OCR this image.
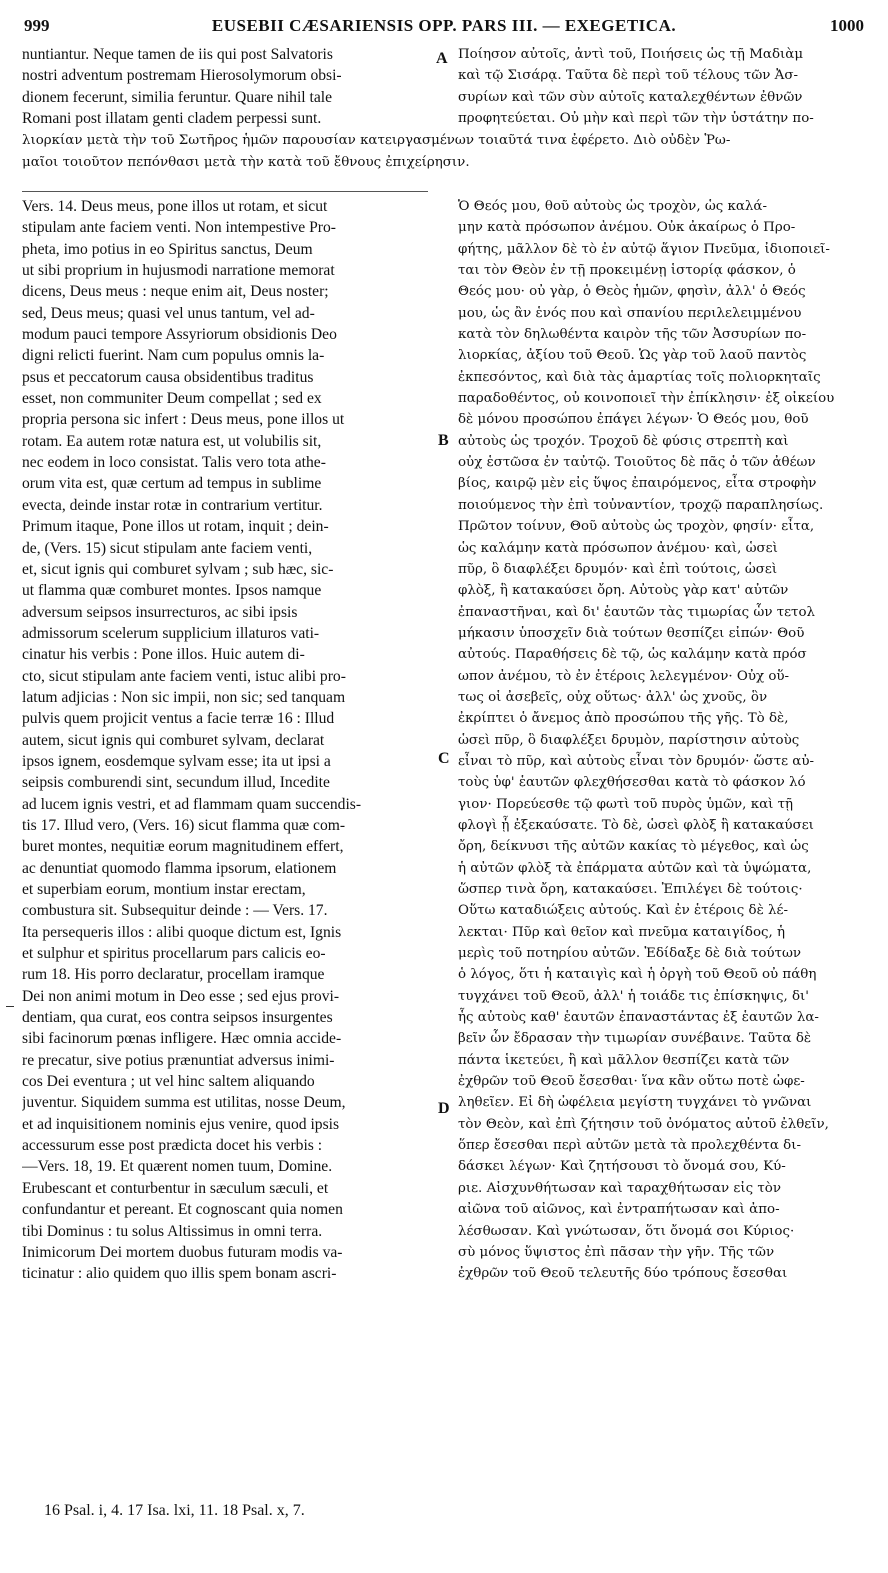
999	EUSEBII CÆSARIENSIS OPP. PARS III. — EXEGETICA.	1000
nuntiantur. Neque tamen de iis qui post Salvatoris
nostri adventum postremam Hierosolymorum obsi-
dionem fecerunt, similia feruntur. Quare nihil tale
Romani post illatam genti cladem perpessi sunt.
Ποίησον αὐτοῖς, ἀντὶ τοῦ, Ποιήσεις ὡς τῇ Μαδιὰμ
καὶ τῷ Σισάρᾳ. Ταῦτα δὲ περὶ τοῦ τέλους τῶν Ἀσ-
συρίων καὶ τῶν σὺν αὐτοῖς καταλεχθέντων ἐθνῶν
προφητεύεται. Οὐ μὴν καὶ περὶ τῶν τὴν ὑστάτην πο-
λιορκίαν μετὰ τὴν τοῦ Σωτῆρος ἡμῶν παρουσίαν κατειργασμένων τοιαῦτά τινα ἐφέρετο. Διὸ οὐδὲν Ῥω-
μαῖοι τοιοῦτον πεπόνθασι μετὰ τὴν κατὰ τοῦ ἔθνους ἐπιχείρησιν.
Vers. 14. Deus meus, pone illos ut rotam, et sicut
stipulam ante faciem venti. Non intempestive Pro-
pheta, imo potius in eo Spiritus sanctus, Deum
ut sibi proprium in hujusmodi narratione memorat
dicens, Deus meus : neque enim ait, Deus noster;
sed, Deus meus; quasi vel unus tantum, vel ad-
modum pauci tempore Assyriorum obsidionis Deo
digni relicti fuerint. Nam cum populus omnis la-
psus et peccatorum causa obsidentibus traditus
esset, non communiter Deum compellat ; sed ex
propria persona sic infert : Deus meus, pone illos ut
rotam. Ea autem rotæ natura est, ut volubilis sit,
nec eodem in loco consistat. Talis vero tota athe-
orum vita est, quæ certum ad tempus in sublime
evecta, deinde instar rotæ in contrarium vertitur.
Primum itaque, Pone illos ut rotam, inquit ; dein-
de, (Vers. 15) sicut stipulam ante faciem venti,
et, sicut ignis qui comburet sylvam ; sub hæc, sic-
ut flamma quæ comburet montes. Ipsos namque
adversum seipsos insurrecturos, ac sibi ipsis
admissorum scelerum supplicium illaturos vati-
cinatur his verbis : Pone illos. Huic autem di-
cto, sicut stipulam ante faciem venti, istuc alibi pro-
latum adjicias : Non sic impii, non sic; sed tanquam
pulvis quem projicit ventus a facie terræ 16 : Illud
autem, sicut ignis qui comburet sylvam, declarat
ipsos ignem, eosdemque sylvam esse; ita ut ipsi a
seipsis comburendi sint, secundum illud, Incedite
ad lucem ignis vestri, et ad flammam quam succendis-
tis 17. Illud vero, (Vers. 16) sicut flamma quæ com-
buret montes, nequitiæ eorum magnitudinem effert,
ac denuntiat quomodo flamma ipsorum, elationem
et superbiam eorum, montium instar erectam,
combustura sit. Subsequitur deinde : — Vers. 17.
Ita persequeris illos : alibi quoque dictum est, Ignis
et sulphur et spiritus procellarum pars calicis eo-
rum 18. His porro declaratur, procellam iramque
Dei non animi motum in Deo esse ; sed ejus provi-
dentiam, qua curat, eos contra seipsos insurgentes
sibi facinorum pœnas infligere. Hæc omnia accide-
re precatur, sive potius prænuntiat adversus inimi-
cos Dei eventura ; ut vel hinc saltem aliquando
juventur. Siquidem summa est utilitas, nosse Deum,
et ad inquisitionem nominis ejus venire, quod ipsis
accessurum esse post prædicta docet his verbis :
—Vers. 18, 19. Et quærent nomen tuum, Domine.
Erubescant et conturbentur in sæculum sæculi, et
confundantur et pereant. Et cognoscant quia nomen
tibi Dominus : tu solus Altissimus in omni terra.
Inimicorum Dei mortem duobus futuram modis va-
ticinatur : alio quidem quo illis spem bonam ascri-
Ὁ Θεός μου, θοῦ αὐτοὺς ὡς τροχὸν, ὡς καλά-
μην κατὰ πρόσωπον ἀνέμου. Οὐκ ἀκαίρως ὁ Προ-
φήτης, μᾶλλον δὲ τὸ ἐν αὐτῷ ἅγιον Πνεῦμα, ἰδιοποιεῖ-
ται τὸν Θεὸν ἐν τῇ προκειμένῃ ἱστορίᾳ φάσκον, ὁ
Θεός μου· οὐ γὰρ, ὁ Θεὸς ἡμῶν, φησὶν, ἀλλ' ὁ Θεός
μου, ὡς ἂν ἑνός που καὶ σπανίου περιλελειμμένου
κατὰ τὸν δηλωθέντα καιρὸν τῆς τῶν Ἀσσυρίων πο-
λιορκίας, ἀξίου τοῦ Θεοῦ. Ὡς γὰρ τοῦ λαοῦ παντὸς
ἐκπεσόντος, καὶ διὰ τὰς ἁμαρτίας τοῖς πολιορκηταῖς
παραδοθέντος, οὐ κοινοποιεῖ τὴν ἐπίκλησιν· ἐξ οἰκείου
δὲ μόνου προσώπου ἐπάγει λέγων· Ὁ Θεός μου, θοῦ
αὐτοὺς ὡς τροχόν. Τροχοῦ δὲ φύσις στρεπτὴ καὶ
οὐχ ἑστῶσα ἐν ταὐτῷ. Τοιοῦτος δὲ πᾶς ὁ τῶν ἀθέων
βίος, καιρῷ μὲν εἰς ὕψος ἐπαιρόμενος, εἶτα στροφὴν
ποιούμενος τὴν ἐπὶ τοὐναντίον, τροχῷ παραπλησίως.
Πρῶτον τοίνυν, Θοῦ αὐτοὺς ὡς τροχὸν, φησίν· εἶτα,
ὡς καλάμην κατὰ πρόσωπον ἀνέμου· καὶ, ὡσεὶ
πῦρ, ὃ διαφλέξει δρυμόν· καὶ ἐπὶ τούτοις, ὡσεὶ
φλὸξ, ἣ κατακαύσει ὄρη. Αὐτοὺς γὰρ κατ' αὐτῶν
ἐπαναστῆναι, καὶ δι' ἑαυτῶν τὰς τιμωρίας ὧν τετολ
μήκασιν ὑποσχεῖν διὰ τούτων θεσπίζει εἰπών· Θοῦ
αὐτούς. Παραθήσεις δὲ τῷ, ὡς καλάμην κατὰ πρόσ
ωπον ἀνέμου, τὸ ἐν ἑτέροις λελεγμένον· Οὐχ οὕ-
τως οἱ ἀσεβεῖς, οὐχ οὕτως· ἀλλ' ὡς χνοῦς, ὃν
ἐκρίπτει ὁ ἄνεμος ἀπὸ προσώπου τῆς γῆς. Τὸ δὲ,
ὡσεὶ πῦρ, ὃ διαφλέξει δρυμὸν, παρίστησιν αὐτοὺς
εἶναι τὸ πῦρ, καὶ αὐτοὺς εἶναι τὸν δρυμόν· ὥστε αὐ-
τοὺς ὑφ' ἑαυτῶν φλεχθήσεσθαι κατὰ τὸ φάσκον λό
γιον· Πορεύεσθε τῷ φωτὶ τοῦ πυρὸς ὑμῶν, καὶ τῇ
φλογὶ ᾗ ἐξεκαύσατε. Τὸ δὲ, ὡσεὶ φλὸξ ἣ κατακαύσει
ὄρη, δείκνυσι τῆς αὐτῶν κακίας τὸ μέγεθος, καὶ ὡς
ἡ αὐτῶν φλὸξ τὰ ἐπάρματα αὐτῶν καὶ τὰ ὑψώματα,
ὥσπερ τινὰ ὄρη, κατακαύσει. Ἐπιλέγει δὲ τούτοις·
Οὕτω καταδιώξεις αὐτούς. Καὶ ἐν ἑτέροις δὲ λέ-
λεκται· Πῦρ καὶ θεῖον καὶ πνεῦμα καταιγίδος, ἡ
μερὶς τοῦ ποτηρίου αὐτῶν. Ἐδίδαξε δὲ διὰ τούτων
ὁ λόγος, ὅτι ἡ καταιγὶς καὶ ἡ ὀργὴ τοῦ Θεοῦ οὐ πάθη
τυγχάνει τοῦ Θεοῦ, ἀλλ' ἡ τοιάδε τις ἐπίσκηψις, δι'
ἧς αὐτοὺς καθ' ἑαυτῶν ἐπαναστάντας ἐξ ἑαυτῶν λα-
βεῖν ὧν ἔδρασαν τὴν τιμωρίαν συνέβαινε. Ταῦτα δὲ
πάντα ἱκετεύει, ἢ καὶ μᾶλλον θεσπίζει κατὰ τῶν
ἐχθρῶν τοῦ Θεοῦ ἔσεσθαι· ἵνα κἂν οὕτω ποτὲ ὠφε-
ληθεῖεν. Εἰ δὴ ὠφέλεια μεγίστη τυγχάνει τὸ γνῶναι
τὸν Θεὸν, καὶ ἐπὶ ζήτησιν τοῦ ὀνόματος αὐτοῦ ἐλθεῖν,
ὅπερ ἔσεσθαι περὶ αὐτῶν μετὰ τὰ προλεχθέντα δι-
δάσκει λέγων· Καὶ ζητήσουσι τὸ ὄνομά σου, Κύ-
ριε. Αἰσχυνθήτωσαν καὶ ταραχθήτωσαν εἰς τὸν
αἰῶνα τοῦ αἰῶνος, καὶ ἐντραπήτωσαν καὶ ἀπο-
λέσθωσαν. Καὶ γνώτωσαν, ὅτι ὄνομά σοι Κύριος·
σὺ μόνος ὕψιστος ἐπὶ πᾶσαν τὴν γῆν. Τῆς τῶν
ἐχθρῶν τοῦ Θεοῦ τελευτῆς δύο τρόπους ἔσεσθαι
A
B
C
D
16 Psal. i, 4. 17 Isa. lxi, 11. 18 Psal. x, 7.
